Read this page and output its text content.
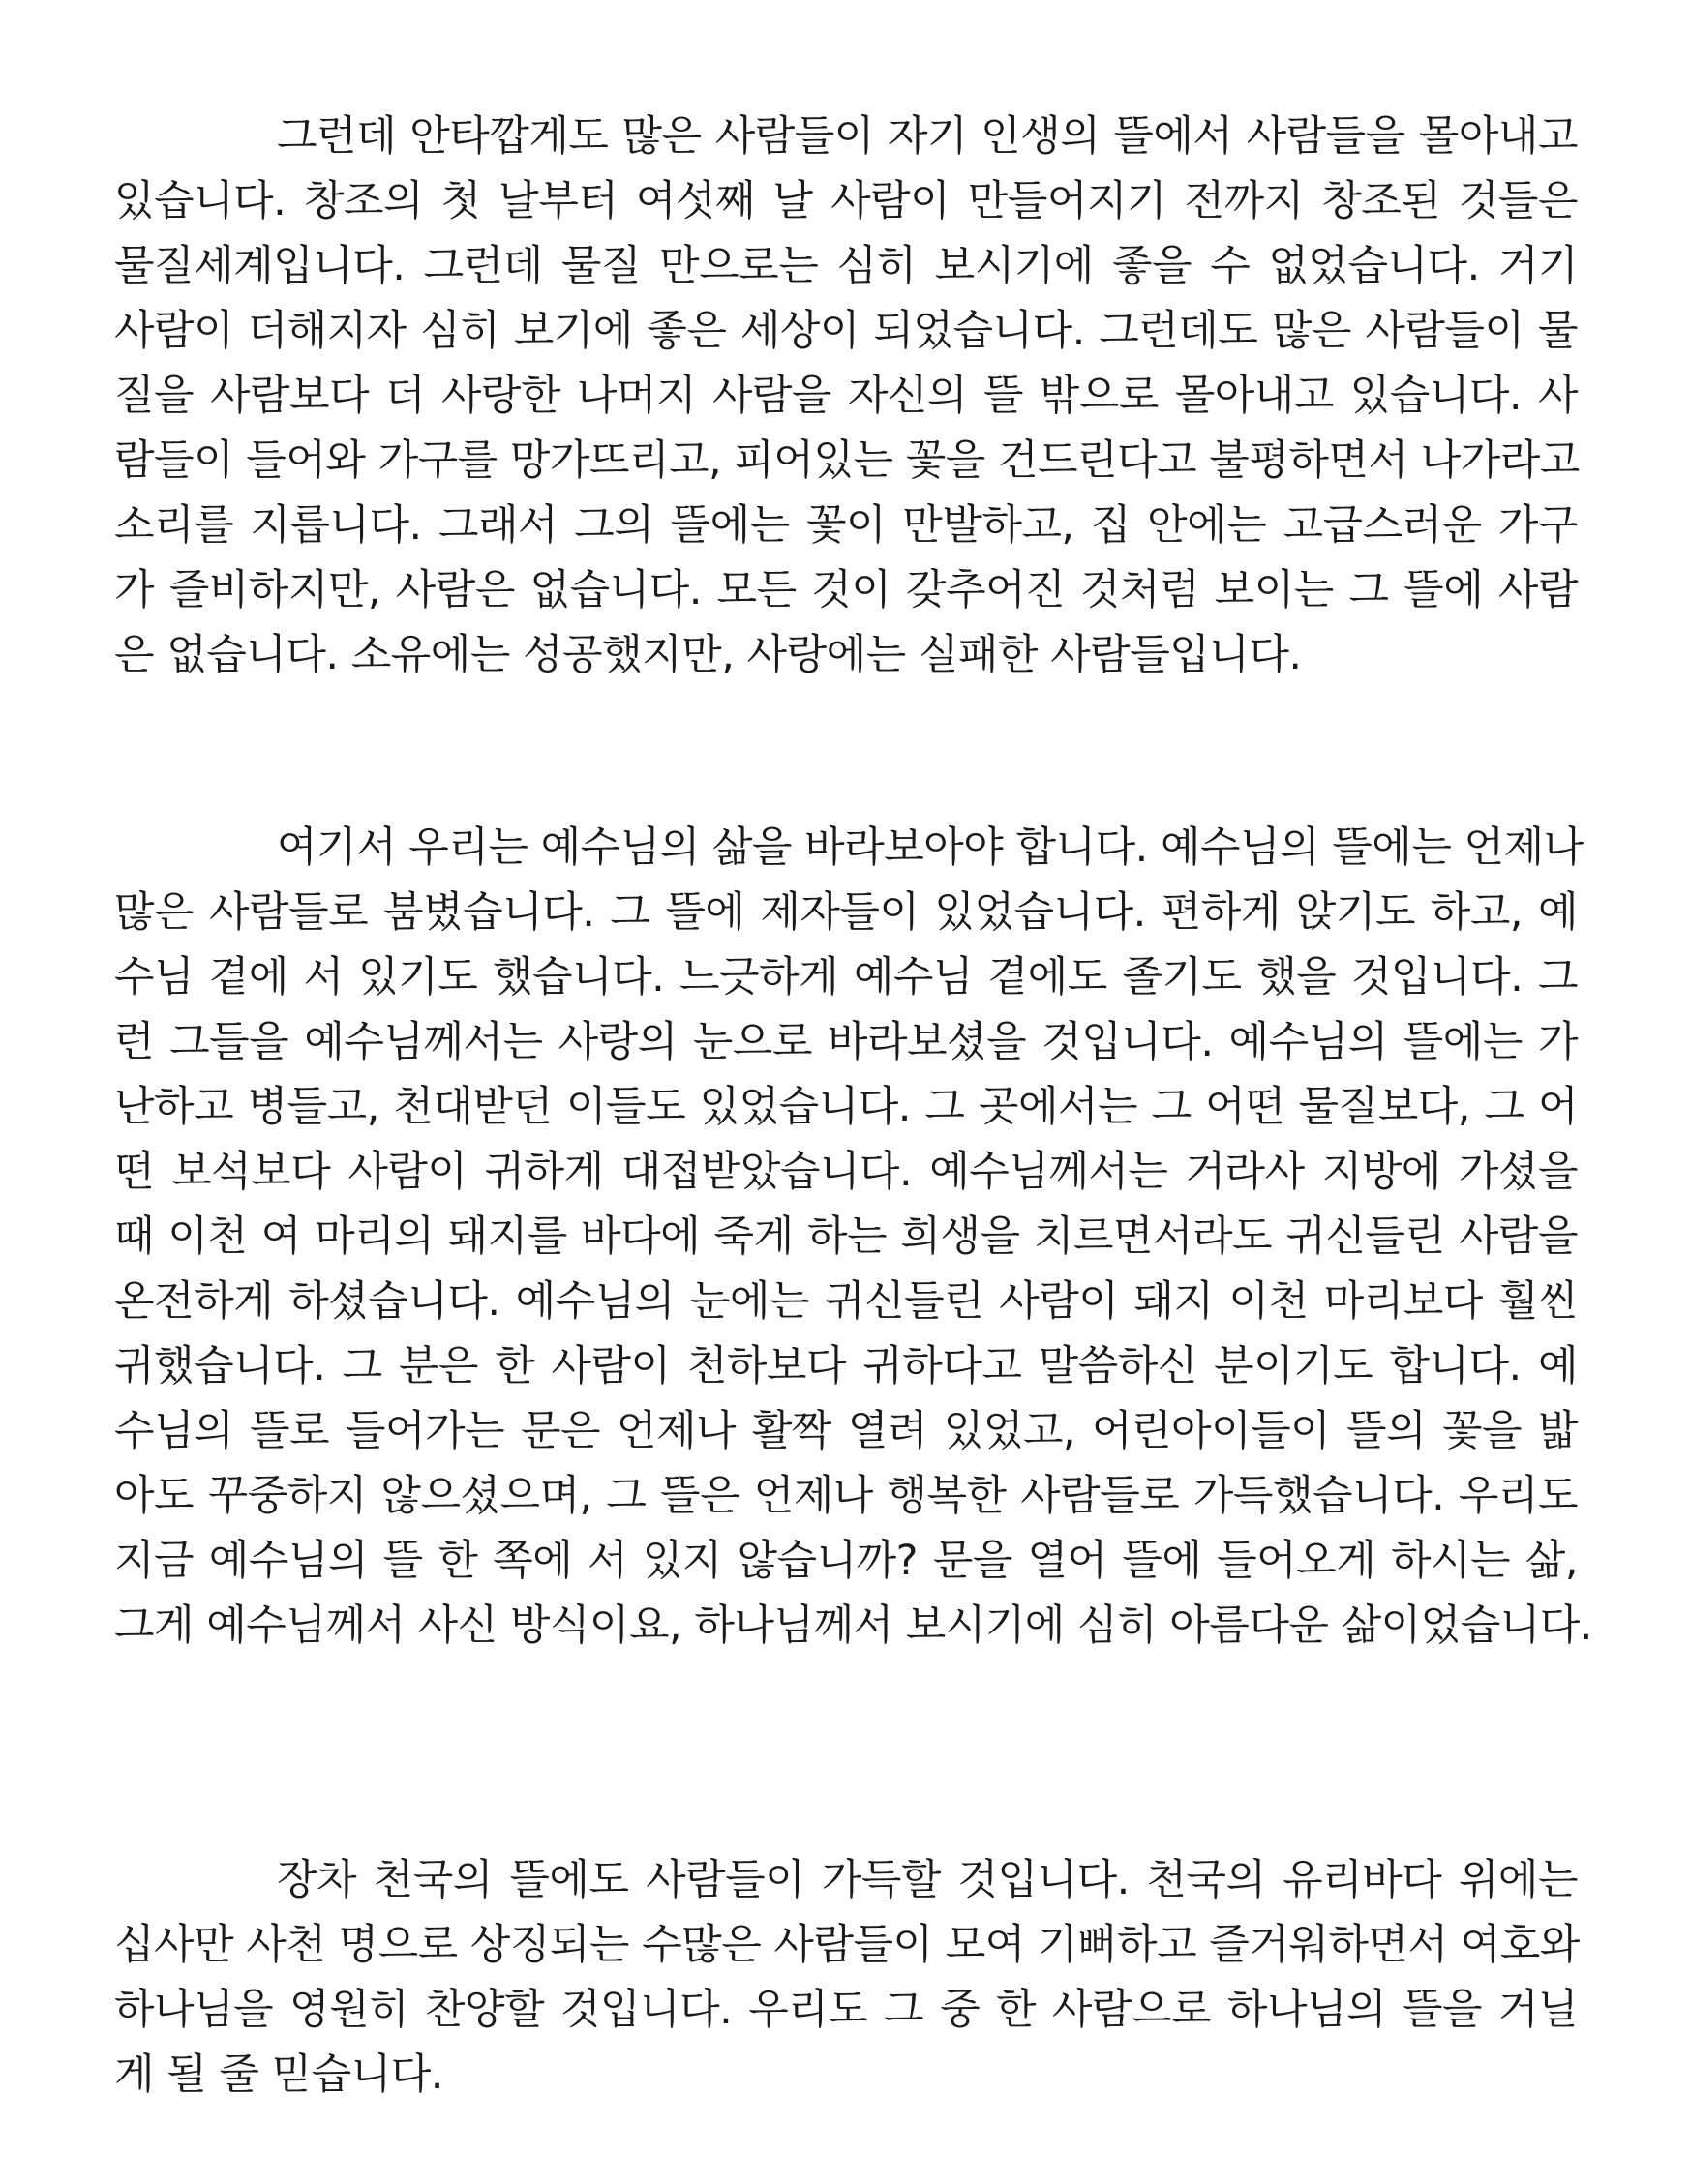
그런데 안타깝게도 많은 사람들이 자기 인생의 뜰에서 사람들을 몰아내고
있습니다. 창조의 첫 날부터 여섯째 날 사람이 만들어지기 전까지 창조된 것들은
물질세계입니다. 그런데 물질 만으로는 심히 보시기에 좋을 수 없었습니다. 거기
사람이 더해지자 심히 보기에 좋은 세상이 되었습니다. 그런데도 많은 사람들이 물
질을 사람보다 더 사랑한 나머지 사람을 자신의 뜰 밖으로 몰아내고 있습니다. 사
람들이 들어와 가구를 망가뜨리고, 피어있는 꽃을 건드린다고 불평하면서 나가라고
소리를 지릅니다. 그래서 그의 뜰에는 꽃이 만발하고, 집 안에는 고급스러운 가구
가 즐비하지만, 사람은 없습니다. 모든 것이 갖추어진 것처럼 보이는 그 뜰에 사람
은 없습니다. 소유에는 성공했지만, 사랑에는 실패한 사람들입니다.
여기서 우리는 예수님의 삶을 바라보아야 합니다. 예수님의 뜰에는 언제나
많은 사람들로 붐볐습니다. 그 뜰에 제자들이 있었습니다. 편하게 앉기도 하고, 예
수님 곁에 서 있기도 했습니다. 느긋하게 예수님 곁에도 졸기도 했을 것입니다. 그
런 그들을 예수님께서는 사랑의 눈으로 바라보셨을 것입니다. 예수님의 뜰에는 가
난하고 병들고, 천대받던 이들도 있었습니다. 그 곳에서는 그 어떤 물질보다, 그 어
떤 보석보다 사람이 귀하게 대접받았습니다. 예수님께서는 거라사 지방에 가셨을
때 이천 여 마리의 돼지를 바다에 죽게 하는 희생을 치르면서라도 귀신들린 사람을
온전하게 하셨습니다. 예수님의 눈에는 귀신들린 사람이 돼지 이천 마리보다 훨씬
귀했습니다. 그 분은 한 사람이 천하보다 귀하다고 말씀하신 분이기도 합니다. 예
수님의 뜰로 들어가는 문은 언제나 활짝 열려 있었고, 어린아이들이 뜰의 꽃을 밟
아도 꾸중하지 않으셨으며, 그 뜰은 언제나 행복한 사람들로 가득했습니다. 우리도
지금 예수님의 뜰 한 쪽에 서 있지 않습니까? 문을 열어 뜰에 들어오게 하시는 삶,
그게 예수님께서 사신 방식이요, 하나님께서 보시기에 심히 아름다운 삶이었습니다.
장차 천국의 뜰에도 사람들이 가득할 것입니다. 천국의 유리바다 위에는
십사만 사천 명으로 상징되는 수많은 사람들이 모여 기뻐하고 즐거워하면서 여호와
하나님을 영원히 찬양할 것입니다. 우리도 그 중 한 사람으로 하나님의 뜰을 거닐
게 될 줄 믿습니다.
